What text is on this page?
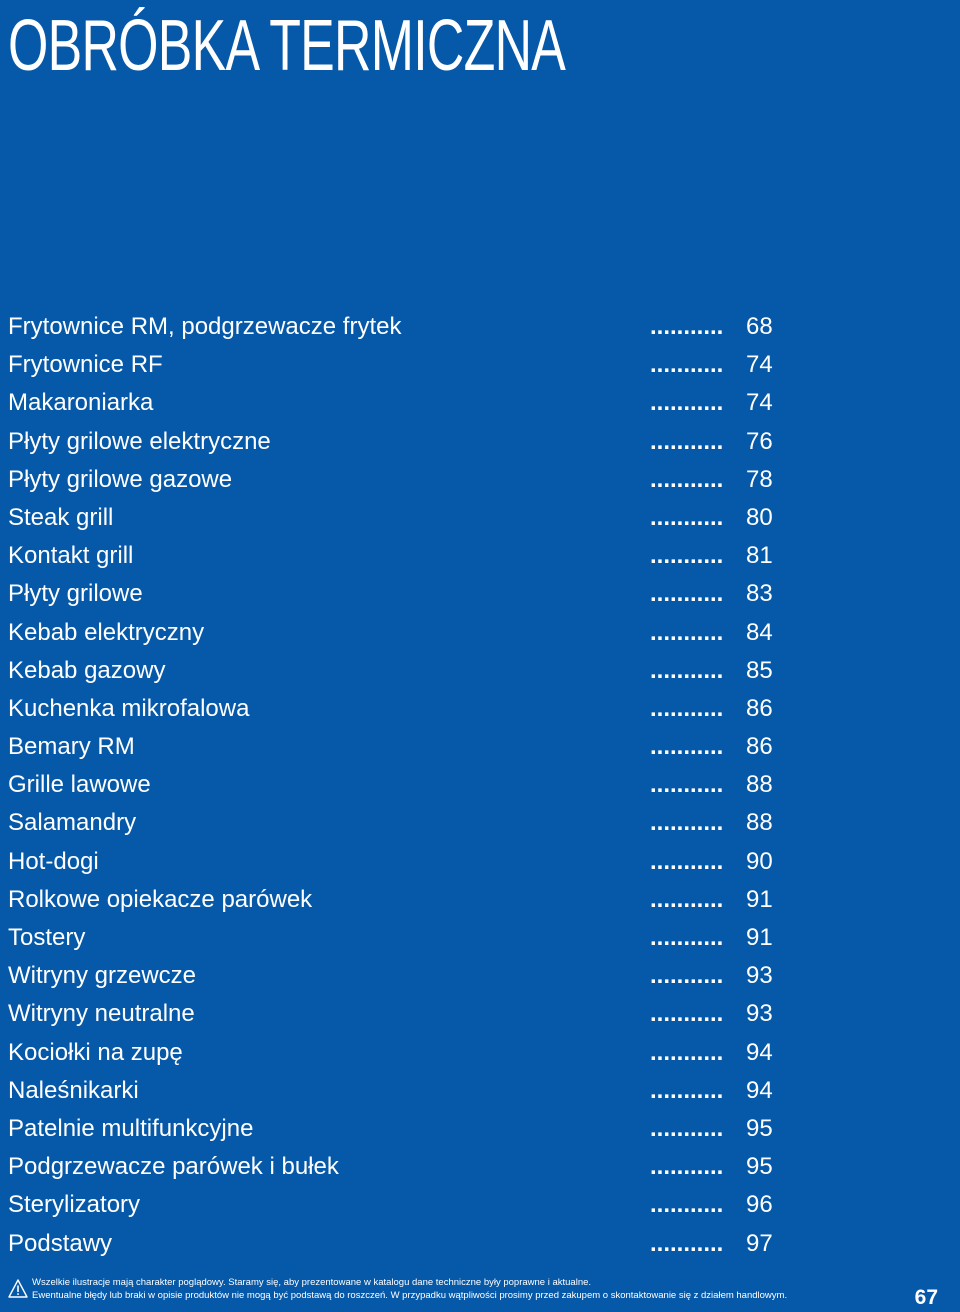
OBRÓBKA TERMICZNA
Frytownice RM, podgrzewacze frytek	........... 68
Frytownice RF	........... 74
Makaroniarka	........... 74
Płyty grilowe elektryczne	........... 76
Płyty grilowe gazowe	........... 78
Steak grill	........... 80
Kontakt grill	........... 81
Płyty grilowe	........... 83
Kebab elektryczny	........... 84
Kebab gazowy	........... 85
Kuchenka mikrofalowa	........... 86
Bemary RM	........... 86
Grille lawowe	........... 88
Salamandry	........... 88
Hot-dogi	........... 90
Rolkowe opiekacze parówek	........... 91
Tostery	........... 91
Witryny grzewcze	........... 93
Witryny neutralne	........... 93
Kociołki na zupę	........... 94
Naleśnikarki	........... 94
Patelnie multifunkcyjne	........... 95
Podgrzewacze parówek i bułek	........... 95
Sterylizatory	........... 96
Podstawy	........... 97
Wszelkie ilustracje mają charakter poglądowy. Staramy się, aby prezentowane w katalogu dane techniczne były poprawne i aktualne.
Ewentualne błędy lub braki w opisie produktów nie mogą być podstawą do roszczeń. W przypadku wątpliwości prosimy przed zakupem o skontaktowanie się z działem handlowym.	67
